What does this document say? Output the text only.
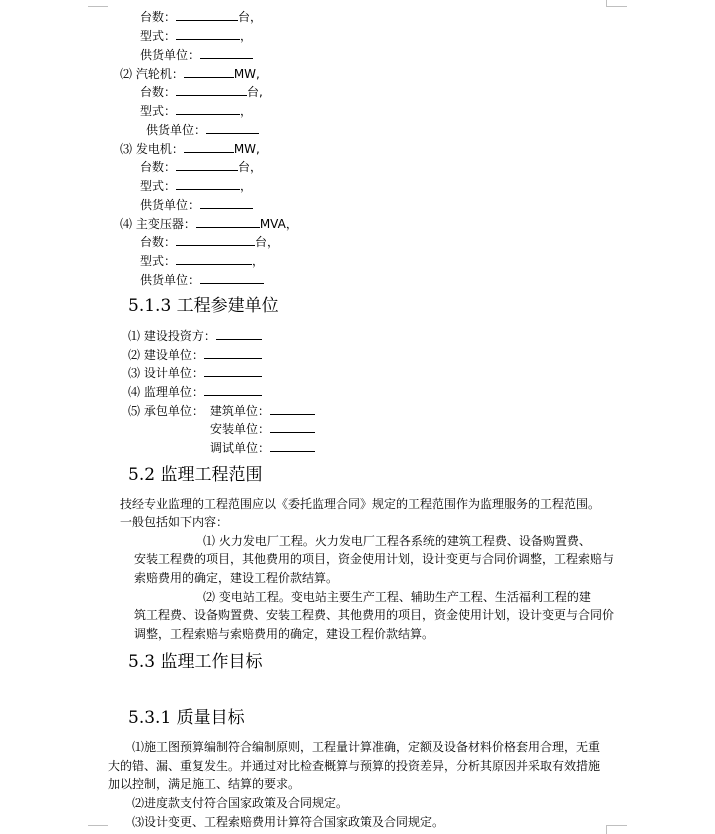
台数：	台，
型式：	，
供货单位：
⑵ 汽轮机：	MW,
台数：	台,
型式：	，
供货单位：
⑶ 发电机：	MW,
台数：	台，
型式：	，
供货单位：
⑷ 主变压器：	MVA，
台数：	台，
型式：	，
供货单位：
5.1.3 工程参建单位
⑴ 建设投资方：
⑵ 建设单位：
⑶ 设计单位：
⑷ 监理单位：
⑸ 承包单位： 建筑单位：
安装单位：
调试单位：
5.2 监理工程范围
技经专业监理的工程范围应以《委托监理合同》规定的工程范围作为监理服务的工程范围。
一般包括如下内容：
⑴ 火力发电厂工程。火力发电厂工程各系统的建筑工程费、设备购置费、
安装工程费的项目，其他费用的项目，资金使用计划，设计变更与合同价调整，工程索赔与索赔费用的确定，建设工程价款结算。
⑵ 变电站工程。变电站主要生产工程、辅助生产工程、生活福利工程的建
筑工程费、设备购置费、安装工程费、其他费用的项目，资金使用计划，设计变更与合同价调整，工程索赔与索赔费用的确定，建设工程价款结算。
5.3 监理工作目标
5.3.1 质量目标
⑴施工图预算编制符合编制原则，工程量计算准确，定额及设备材料价格套用合理，无重大的错、漏、重复发生。并通过对比检查概算与预算的投资差异，分析其原因并采取有效措施加以控制，满足施工、结算的要求。
⑵进度款支付符合国家政策及合同规定。
⑶设计变更、工程索赔费用计算符合国家政策及合同规定。
